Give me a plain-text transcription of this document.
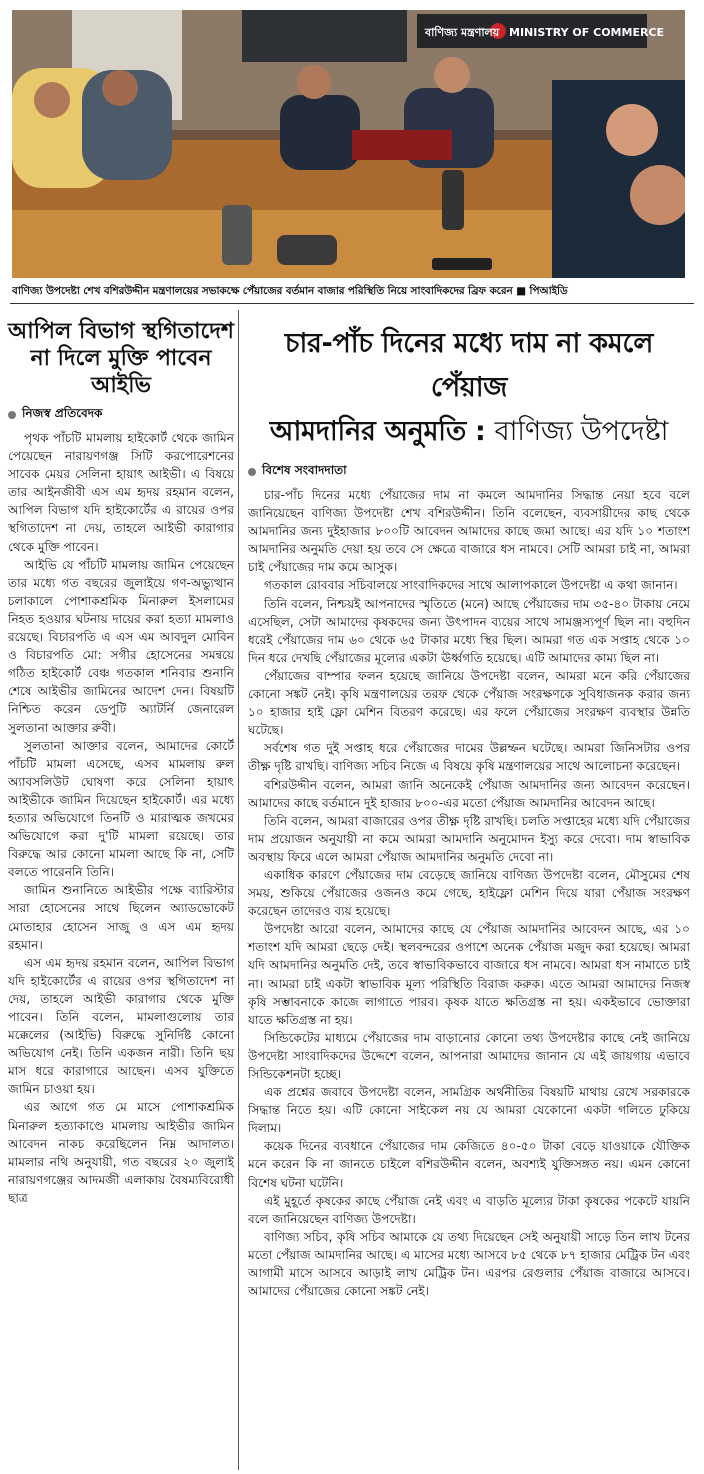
বাণিজ্য মন্ত্রণালয় MINISTRY OF COMMERCE
বাণিজ্য উপদেষ্টা শেখ বশিরউদ্দীন মন্ত্রণালয়ের সভাকক্ষে পেঁয়াজের বর্তমান বাজার পরিস্থিতি নিয়ে সাংবাদিকদের ব্রিফ করেন ■ পিআইডি
আপিল বিভাগ স্থগিতাদেশ না দিলে মুক্তি পাবেন আইভি
নিজস্ব প্রতিবেদক

পৃথক পাঁচটি মামলায় হাইকোর্ট থেকে জামিন পেয়েছেন নারায়ণগঞ্জ সিটি করপোরেশনের সাবেক মেয়র সেলিনা হায়াৎ আইভী। এ বিষয়ে তার আইনজীবী এস এম হৃদয় রহমান বলেন, আপিল বিভাগ যদি হাইকোর্টের এ রায়ের ওপর স্থগিতাদেশ না দেয়, তাহলে আইভী কারাগার থেকে মুক্তি পাবেন।

আইভি যে পাঁচটি মামলায় জামিন পেয়েছেন তার মধ্যে গত বছরের জুলাইয়ে গণ-অভ্যুত্থান চলাকালে পোশাকশ্রমিক মিনারুল ইসলামের নিহত হওয়ার ঘটনায় দায়ের করা হত্যা মামলাও রয়েছে। বিচারপতি এ এস এম আবদুল মোবিন ও বিচারপতি মো: সগীর হোসেনের সমন্বয়ে গঠিত হাইকোর্ট বেঞ্চ গতকাল শনিবার শুনানি শেষে আইভীর জামিনের আদেশ দেন। বিষয়টি নিশ্চিত করেন ডেপুটি অ্যাটর্নি জেনারেল সুলতানা আক্তার রুবী।

সুলতানা আক্তার বলেন, আমাদের কোর্টে পাঁচটি মামলা এসেছে, এসব মামলায় রুল অ্যাবসলিউট ঘোষণা করে সেলিনা হায়াৎ আইভীকে জামিন দিয়েছেন হাইকোর্ট। এর মধ্যে হত্যার অভিযোগে তিনটি ও মারাত্মক জখমের অভিযোগে করা দু'টি মামলা রয়েছে। তার বিরুদ্ধে আর কোনো মামলা আছে কি না, সেটি বলতে পারেননি তিনি।

জামিন শুনানিতে আইভীর পক্ষে ব্যারিস্টার সারা হোসেনের সাথে ছিলেন অ্যাডভোকেট মোতাহার হোসেন সাজু ও এস এম হৃদয় রহমান।

এস এম হৃদয় রহমান বলেন, আপিল বিভাগ যদি হাইকোর্টের এ রায়ের ওপর স্থগিতাদেশ না দেয়, তাহলে আইভী কারাগার থেকে মুক্তি পাবেন। তিনি বলেন, মামলাগুলোয় তার মক্কেলের (আইভি) বিরুদ্ধে সুনির্দিষ্ট কোনো অভিযোগ নেই। তিনি একজন নারী। তিনি ছয় মাস ধরে কারাগারে আছেন। এসব যুক্তিতে জামিন চাওয়া হয়।

এর আগে গত মে মাসে পোশাকশ্রমিক মিনারুল হত্যাকাণ্ডে মামলায় আইভীর জামিন আবেদন নাকচ করেছিলেন নিম্ন আদালত। মামলার নথি অনুযায়ী, গত বছরের ২০ জুলাই নারায়ণগঞ্জের আদমজী এলাকায় বৈষম্যবিরোধী ছাত্র

চার-পাঁচ দিনের মধ্যে দাম না কমলে পেঁয়াজ
আমদানির অনুমতি : বাণিজ্য উপদেষ্টা
বিশেষ সংবাদদাতা

চার-পাঁচ দিনের মধ্যে পেঁয়াজের দাম না কমলে আমদানির সিদ্ধান্ত নেয়া হবে বলে জানিয়েছেন বাণিজ্য উপদেষ্টা শেখ বশিরউদ্দীন। তিনি বলেছেন, ব্যবসায়ীদের কাছ থেকে আমদানির জন্য দুইহাজার ৮০০টি আবেদন আমাদের কাছে জমা আছে। এর যদি ১০ শতাংশ আমদানির অনুমতি দেয়া হয় তবে সে ক্ষেত্রে বাজারে ধস নামবে। সেটি আমরা চাই না, আমরা চাই পেঁয়াজের দাম কমে আসুক।

গতকাল রোববার সচিবালয়ে সাংবাদিকদের সাথে আলাপকালে উপদেষ্টা এ কথা জানান।

তিনি বলেন, নিশ্চয়ই আপনাদের স্মৃতিতে (মনে) আছে পেঁয়াজের দাম ৩৫-৪০ টাকায় নেমে এসেছিল, সেটা আমাদের কৃষকদের জন্য উৎপাদন ব্যয়ের সাথে সামঞ্জস্যপূর্ণ ছিল না। বহুদিন ধরেই পেঁয়াজের দাম ৬০ থেকে ৬৫ টাকার মধ্যে স্থির ছিল। আমরা গত এক সপ্তাহ থেকে ১০ দিন ধরে দেখছি পেঁয়াজের মূল্যের একটা ঊর্ধ্বগতি হয়েছে। এটি আমাদের কাম্য ছিল না।

পেঁয়াজের বাম্পার ফলন হয়েছে জানিয়ে উপদেষ্টা বলেন, আমরা মনে করি পেঁয়াজের কোনো সঙ্কট নেই। কৃষি মন্ত্রণালয়ের তরফ থেকে পেঁয়াজ সংরক্ষণকে সুবিধাজনক করার জন্য ১০ হাজার হাই ফ্লো মেশিন বিতরণ করেছে। এর ফলে পেঁয়াজের সংরক্ষণ ব্যবস্থার উন্নতি ঘটেছে।

সর্বশেষ গত দুই সপ্তাহ ধরে পেঁয়াজের দামের উল্লম্ফন ঘটেছে। আমরা জিনিসটার ওপর তীক্ষ্ণ দৃষ্টি রাখছি। বাণিজ্য সচিব নিজে এ বিষয়ে কৃষি মন্ত্রণালয়ের সাথে আলোচনা করেছেন।

বশিরউদ্দীন বলেন, আমরা জানি অনেকেই পেঁয়াজ আমদানির জন্য আবেদন করেছেন। আমাদের কাছে বর্তমানে দুই হাজার ৮০০-এর মতো পেঁয়াজ আমদানির আবেদন আছে।

তিনি বলেন, আমরা বাজারের ওপর তীক্ষ্ণ দৃষ্টি রাখছি। চলতি সপ্তাহের মধ্যে যদি পেঁয়াজের দাম প্রয়োজন অনুযায়ী না কমে আমরা আমদানি অনুমোদন ইস্যু করে দেবো। দাম স্বাভাবিক অবস্থায় ফিরে এলে আমরা পেঁয়াজ আমদানির অনুমতি দেবো না।

একাধিক কারণে পেঁয়াজের দাম বেড়েছে জানিয়ে বাণিজ্য উপদেষ্টা বলেন, মৌসুমের শেষ সময়, শুকিয়ে পেঁয়াজের ওজনও কমে গেছে, হাইফ্লো মেশিন দিয়ে যারা পেঁয়াজ সংরক্ষণ করেছেন তাদেরও ব্যয় হয়েছে।

উপদেষ্টা আরো বলেন, আমাদের কাছে যে পেঁয়াজ আমদানির আবেদন আছে, এর ১০ শতাংশ যদি আমরা ছেড়ে দেই। স্থলবন্দরের ওপাশে অনেক পেঁয়াজ মজুদ করা হয়েছে। আমরা যদি আমদানির অনুমতি দেই, তবে স্বাভাবিকভাবে বাজারে ধস নামবে। আমরা ধস নামাতে চাই না। আমরা চাই একটা স্বাভাবিক মূল্য পরিস্থিতি বিরাজ করুক। এতে আমরা আমাদের নিজস্ব কৃষি সম্ভাবনাকে কাজে লাগাতে পারব। কৃষক যাতে ক্ষতিগ্রস্ত না হয়। একইভাবে ভোক্তারা যাতে ক্ষতিগ্রস্ত না হয়।

সিন্ডিকেটের মাধ্যমে পেঁয়াজের দাম বাড়ানোর কোনো তথ্য উপদেষ্টার কাছে নেই জানিয়ে উপদেষ্টা সাংবাদিকদের উদ্দেশে বলেন, আপনারা আমাদের জানান যে এই জায়গায় এভাবে সিন্ডিকেশনটা হচ্ছে।

এক প্রশ্নের জবাবে উপদেষ্টা বলেন, সামগ্রিক অর্থনীতির বিষয়টি মাথায় রেখে সরকারকে সিদ্ধান্ত নিতে হয়। এটি কোনো সাইকেল নয় যে আমরা যেকোনো একটা গলিতে ঢুকিয়ে দিলাম।

কয়েক দিনের ব্যবধানে পেঁয়াজের দাম কেজিতে ৪০-৫০ টাকা বেড়ে যাওয়াকে যৌক্তিক মনে করেন কি না জানতে চাইলে বশিরউদ্দীন বলেন, অবশ্যই যুক্তিসঙ্গত নয়। এমন কোনো বিশেষ ঘটনা ঘটেনি।

এই মুহূর্তে কৃষকের কাছে পেঁয়াজ নেই এবং এ বাড়তি মূল্যের টাকা কৃষকের পকেটে যায়নি বলে জানিয়েছেন বাণিজ্য উপদেষ্টা।

বাণিজ্য সচিব, কৃষি সচিব আমাকে যে তথ্য দিয়েছেন সেই অনুযায়ী সাড়ে তিন লাখ টনের মতো পেঁয়াজ আমদানির আছে। এ মাসের মধ্যে আসবে ৮৫ থেকে ৮৭ হাজার মেট্রিক টন এবং আগামী মাসে আসবে আড়াই লাখ মেট্রিক টন। এরপর রেগুলার পেঁয়াজ বাজারে আসবে। আমাদের পেঁয়াজের কোনো সঙ্কট নেই।
